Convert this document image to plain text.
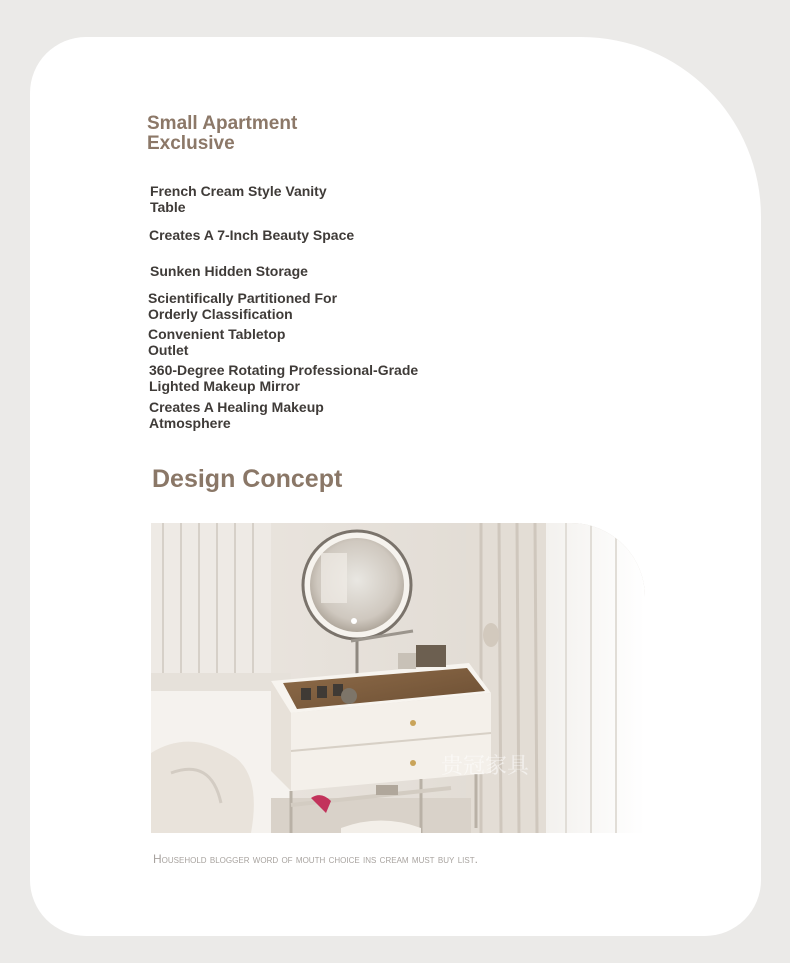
Small Apartment
Exclusive
French Cream Style Vanity
Table
Creates A 7-Inch Beauty Space
Sunken Hidden Storage
Scientifically Partitioned For
Orderly Classification
Convenient Tabletop
Outlet
360-Degree Rotating Professional-Grade
Lighted Makeup Mirror
Creates A Healing Makeup
Atmosphere
Design Concept
贵冠家具
Household blogger word of mouth choice ins cream must buy list.
